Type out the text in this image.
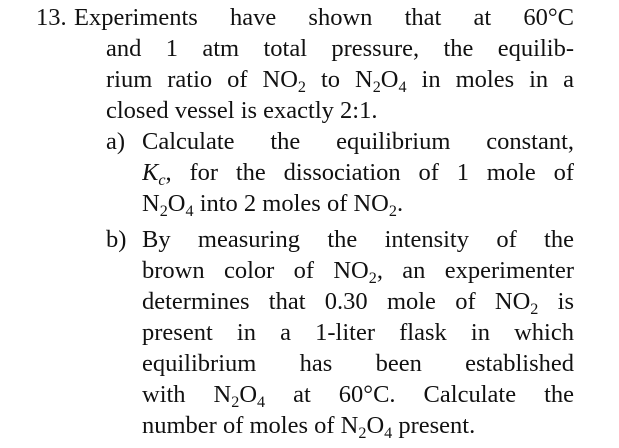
13. Experiments have shown that at 60°C
and 1 atm total pressure, the equilib-
rium ratio of $NO_2$ to $N_2O_4$ in moles in a
closed vessel is exactly 2:1.
a) Calculate the equilibrium constant,
$K_c$, for the dissociation of 1 mole of
$N_2O_4$ into 2 moles of $NO_2$.
b) By measuring the intensity of the
brown color of $NO_2$, an experimenter
determines that 0.30 mole of $NO_2$ is
present in a 1-liter flask in which
equilibrium has been established
with $N_2O_4$ at 60°C. Calculate the
number of moles of $N_2O_4$ present.
